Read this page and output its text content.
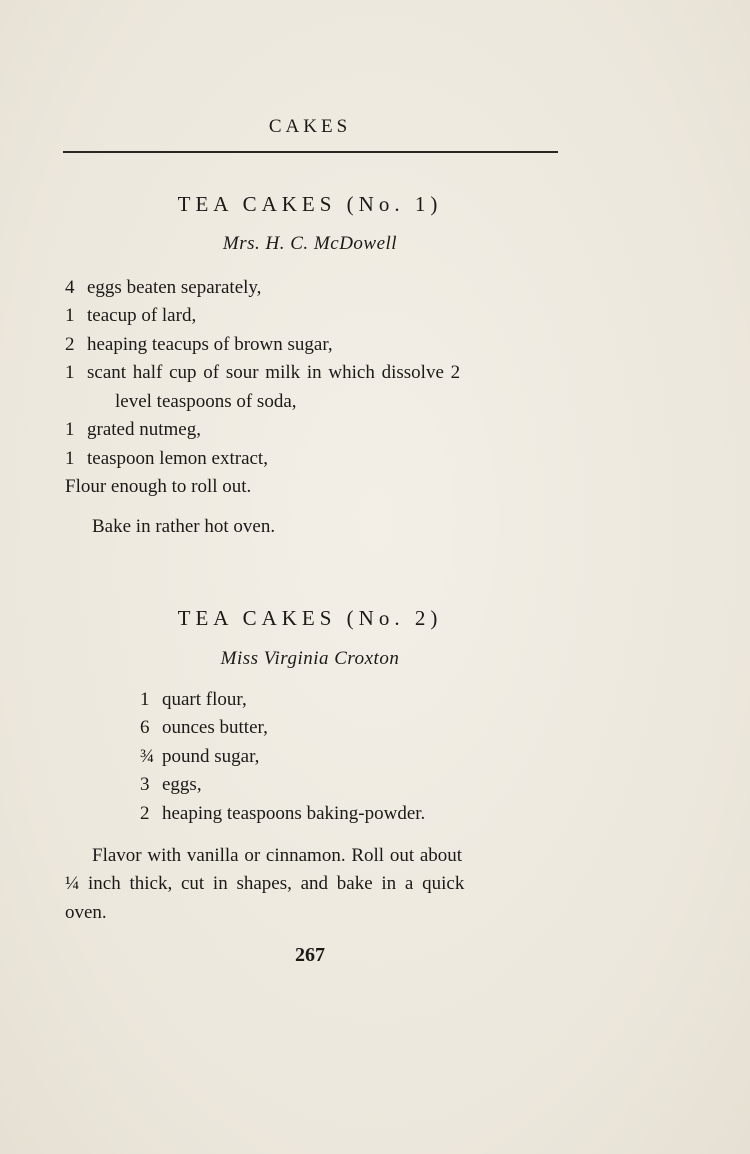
CAKES
TEA CAKES (No. 1)
Mrs. H. C. McDowell
4 eggs beaten separately,
1 teacup of lard,
2 heaping teacups of brown sugar,
1 scant half cup of sour milk in which dissolve 2
level teaspoons of soda,
1 grated nutmeg,
1 teaspoon lemon extract,
Flour enough to roll out.
Bake in rather hot oven.
TEA CAKES (No. 2)
Miss Virginia Croxton
1 quart flour,
6 ounces butter,
¾ pound sugar,
3 eggs,
2 heaping teaspoons baking-powder.
Flavor with vanilla or cinnamon. Roll out about
¼ inch thick, cut in shapes, and bake in a quick
oven.
267
